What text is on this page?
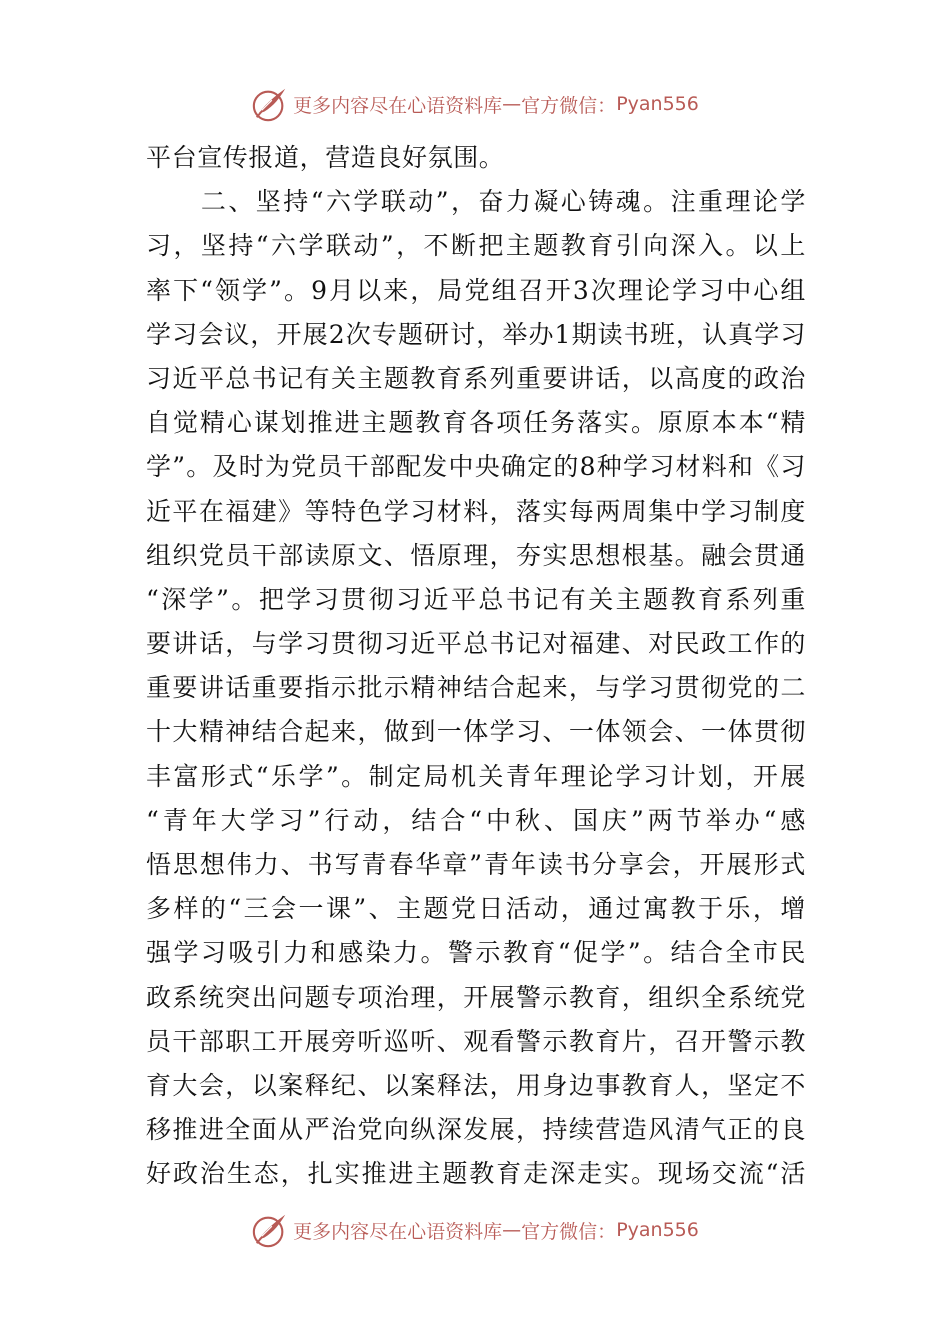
更多内容尽在心语资料库 — 官方微信： Pyan556
平台宣传报道，营造良好氛围。
　　二、坚持“六学联动”，奋力凝心铸魂。注重理论学
习，坚持“六学联动”，不断把主题教育引向深入。以上
率下“领学”。9月以来，局党组召开3次理论学习中心组
学习会议，开展2次专题研讨，举办1期读书班，认真学习
习近平总书记有关主题教育系列重要讲话，以高度的政治
自觉精心谋划推进主题教育各项任务落实。原原本本“精
学”。及时为党员干部配发中央确定的8种学习材料和《习
近平在福建》等特色学习材料，落实每两周集中学习制度
组织党员干部读原文、悟原理，夯实思想根基。融会贯通
“深学”。把学习贯彻习近平总书记有关主题教育系列重
要讲话，与学习贯彻习近平总书记对福建、对民政工作的
重要讲话重要指示批示精神结合起来，与学习贯彻党的二
十大精神结合起来，做到一体学习、一体领会、一体贯彻
丰富形式“乐学”。制定局机关青年理论学习计划，开展
“青年大学习”行动，结合“中秋、国庆”两节举办“感
悟思想伟力、书写青春华章”青年读书分享会，开展形式
多样的“三会一课”、主题党日活动，通过寓教于乐，增
强学习吸引力和感染力。警示教育“促学”。结合全市民
政系统突出问题专项治理，开展警示教育，组织全系统党
员干部职工开展旁听巡听、观看警示教育片，召开警示教
育大会，以案释纪、以案释法，用身边事教育人，坚定不
移推进全面从严治党向纵深发展，持续营造风清气正的良
好政治生态，扎实推进主题教育走深走实。现场交流“活
更多内容尽在心语资料库 — 官方微信： Pyan556
